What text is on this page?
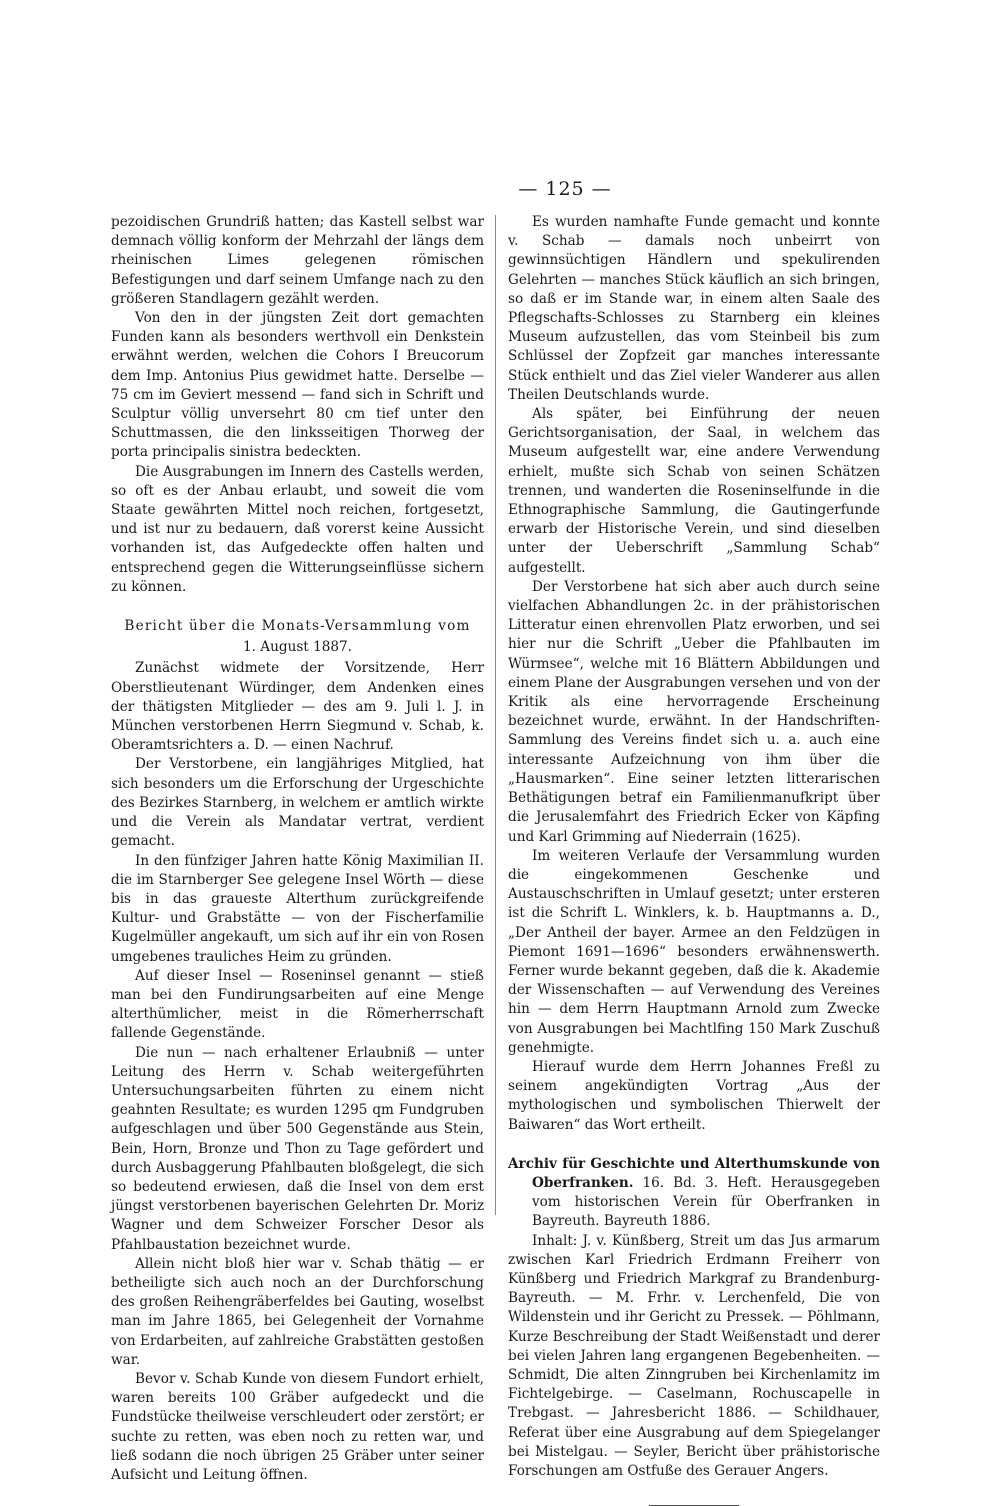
— 125 —

pezoidischen Grundriß hatten; das Kastell selbst war demnach völlig konform der Mehrzahl der längs dem rheinischen Limes gelegenen römischen Befestigungen und darf seinem Umfange nach zu den größeren Standlagern gezählt werden.

Von den in der jüngsten Zeit dort gemachten Funden kann als besonders werthvoll ein Denkstein erwähnt werden, welchen die Cohors I Breucorum dem Imp. Antonius Pius gewidmet hatte. Derselbe — 75 cm im Geviert messend — fand sich in Schrift und Sculptur völlig unversehrt 80 cm tief unter den Schuttmassen, die den linksseitigen Thorweg der porta principalis sinistra bedeckten.

Die Ausgrabungen im Innern des Castells werden, so oft es der Anbau erlaubt, und soweit die vom Staate gewährten Mittel noch reichen, fortgesetzt, und ist nur zu bedauern, daß vorerst keine Aussicht vorhanden ist, das Aufgedeckte offen halten und entsprechend gegen die Witterungseinflüsse sichern zu können.

Bericht über die Monats-Versammlung vom

1. August 1887.

Zunächst widmete der Vorsitzende, Herr Oberstlieutenant Würdinger, dem Andenken eines der thätigsten Mitglieder — des am 9. Juli l. J. in München verstorbenen Herrn Siegmund v. Schab, k. Oberamtsrichters a. D. — einen Nachruf.

Der Verstorbene, ein langjähriges Mitglied, hat sich besonders um die Erforschung der Urgeschichte des Bezirkes Starnberg, in welchem er amtlich wirkte und die Verein als Mandatar vertrat, verdient gemacht.

In den fünfziger Jahren hatte König Maximilian II. die im Starnberger See gelegene Insel Wörth — diese bis in das graueste Alterthum zurückgreifende Kultur- und Grabstätte — von der Fischerfamilie Kugelmüller angekauft, um sich auf ihr ein von Rosen umgebenes trauliches Heim zu gründen.

Auf dieser Insel — Roseninsel genannt — stieß man bei den Fundirungsarbeiten auf eine Menge alterthümlicher, meist in die Römerherrschaft fallende Gegenstände.

Die nun — nach erhaltener Erlaubniß — unter Leitung des Herrn v. Schab weitergeführten Untersuchungsarbeiten führten zu einem nicht geahnten Resultate; es wurden 1295 qm Fundgruben aufgeschlagen und über 500 Gegenstände aus Stein, Bein, Horn, Bronze und Thon zu Tage gefördert und durch Ausbaggerung Pfahlbauten bloßgelegt, die sich so bedeutend erwiesen, daß die Insel von dem erst jüngst verstorbenen bayerischen Gelehrten Dr. Moriz Wagner und dem Schweizer Forscher Desor als Pfahlbaustation bezeichnet wurde.

Allein nicht bloß hier war v. Schab thätig — er betheiligte sich auch noch an der Durchforschung des großen Reihengräberfeldes bei Gauting, woselbst man im Jahre 1865, bei Gelegenheit der Vornahme von Erdarbeiten, auf zahlreiche Grabstätten gestoßen war.

Bevor v. Schab Kunde von diesem Fundort erhielt, waren bereits 100 Gräber aufgedeckt und die Fundstücke theilweise verschleudert oder zerstört; er suchte zu retten, was eben noch zu retten war, und ließ sodann die noch übrigen 25 Gräber unter seiner Aufsicht und Leitung öffnen.

Es wurden namhafte Funde gemacht und konnte v. Schab — damals noch unbeirrt von gewinnsüchtigen Händlern und spekulirenden Gelehrten — manches Stück käuflich an sich bringen, so daß er im Stande war, in einem alten Saale des Pflegschafts-Schlosses zu Starnberg ein kleines Museum aufzustellen, das vom Steinbeil bis zum Schlüssel der Zopfzeit gar manches interessante Stück enthielt und das Ziel vieler Wanderer aus allen Theilen Deutschlands wurde.

Als später, bei Einführung der neuen Gerichtsorganisation, der Saal, in welchem das Museum aufgestellt war, eine andere Verwendung erhielt, mußte sich Schab von seinen Schätzen trennen, und wanderten die Roseninselfunde in die Ethnographische Sammlung, die Gautingerfunde erwarb der Historische Verein, und sind dieselben unter der Ueberschrift „Sammlung Schab“ aufgestellt.

Der Verstorbene hat sich aber auch durch seine vielfachen Abhandlungen 2c. in der prähistorischen Litteratur einen ehrenvollen Platz erworben, und sei hier nur die Schrift „Ueber die Pfahlbauten im Würmsee“, welche mit 16 Blättern Abbildungen und einem Plane der Ausgrabungen versehen und von der Kritik als eine hervorragende Erscheinung bezeichnet wurde, erwähnt. In der Handschriften-Sammlung des Vereins findet sich u. a. auch eine interessante Aufzeichnung von ihm über die „Hausmarken“. Eine seiner letzten litterarischen Bethätigungen betraf ein Familienmanufkript über die Jerusalemfahrt des Friedrich Ecker von Käpfing und Karl Grimming auf Niederrain (1625).

Im weiteren Verlaufe der Versammlung wurden die eingekommenen Geschenke und Austauschschriften in Umlauf gesetzt; unter ersteren ist die Schrift L. Winklers, k. b. Hauptmanns a. D., „Der Antheil der bayer. Armee an den Feldzügen in Piemont 1691—1696“ besonders erwähnenswerth. Ferner wurde bekannt gegeben, daß die k. Akademie der Wissenschaften — auf Verwendung des Vereines hin — dem Herrn Hauptmann Arnold zum Zwecke von Ausgrabungen bei Machtlfing 150 Mark Zuschuß genehmigte.

Hierauf wurde dem Herrn Johannes Freßl zu seinem angekündigten Vortrag „Aus der mythologischen und symbolischen Thierwelt der Baiwaren“ das Wort ertheilt.

Archiv für Geschichte und Alterthumskunde von Oberfranken. 16. Bd. 3. Heft. Herausgegeben vom historischen Verein für Oberfranken in Bayreuth. Bayreuth 1886.

Inhalt: J. v. Künßberg, Streit um das Jus armarum zwischen Karl Friedrich Erdmann Freiherr von Künßberg und Friedrich Markgraf zu Brandenburg-Bayreuth. — M. Frhr. v. Lerchenfeld, Die von Wildenstein und ihr Gericht zu Pressek. — Pöhlmann, Kurze Beschreibung der Stadt Weißenstadt und derer bei vielen Jahren lang ergangenen Begebenheiten. — Schmidt, Die alten Zinngruben bei Kirchenlamitz im Fichtelgebirge. — Caselmann, Rochuscapelle in Trebgast. — Jahresbericht 1886. — Schildhauer, Referat über eine Ausgrabung auf dem Spiegelanger bei Mistelgau. — Seyler, Bericht über prähistorische Forschungen am Ostfuße des Gerauer Angers.
